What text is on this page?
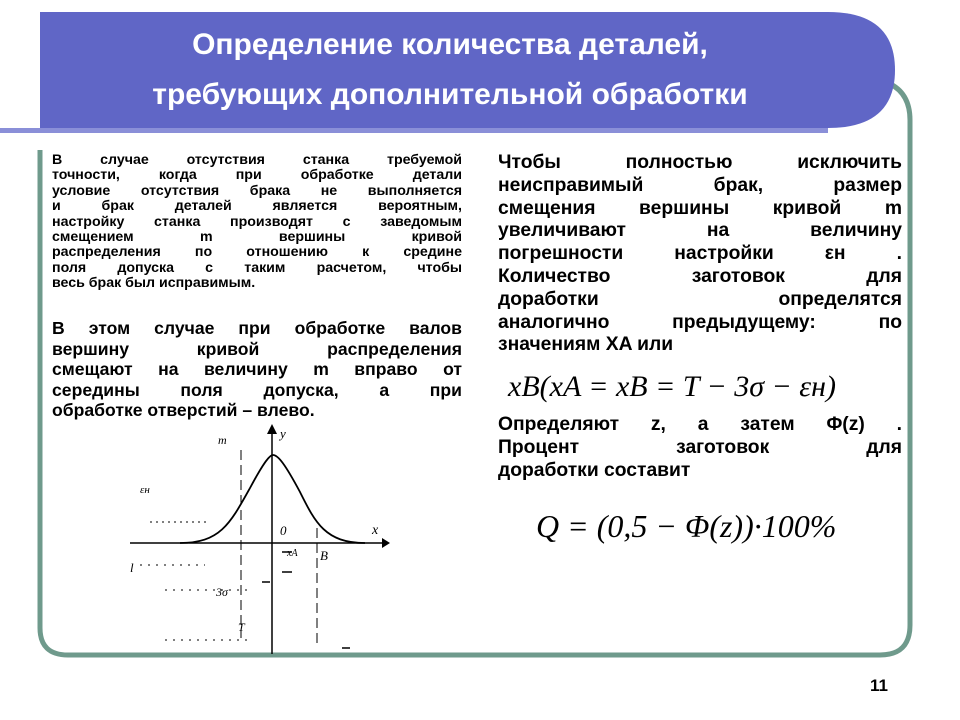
Определение количества деталей,
требующих дополнительной обработки
В случае отсутствия станка требуемой
точности, когда при обработке детали
условие отсутствия брака не выполняется
и брак деталей является вероятным,
настройку станка производят с заведомым
смещением m вершины кривой
распределения по отношению к средине
поля допуска с таким расчетом, чтобы
весь брак был исправимым.
В этом случае при обработке валов
вершину кривой распределения
смещают на величину m вправо от
середины поля допуска, а при
обработке отверстий – влево.
Чтобы полностью исключить
неисправимый брак, размер
смещения вершины кривой m
увеличивают на величину
погрешности настройки εн .
Количество заготовок для
доработки определятся
аналогично предыдущему: по
значениям XA или
xB(xA = xB = T − 3σ − εн)
Определяют z, а затем Φ(z) .
Процент заготовок для
доработки составит
Q = (0,5 − Φ(z))·100%
y
m
εн
0	x
xA B
l
3σ
T
11
